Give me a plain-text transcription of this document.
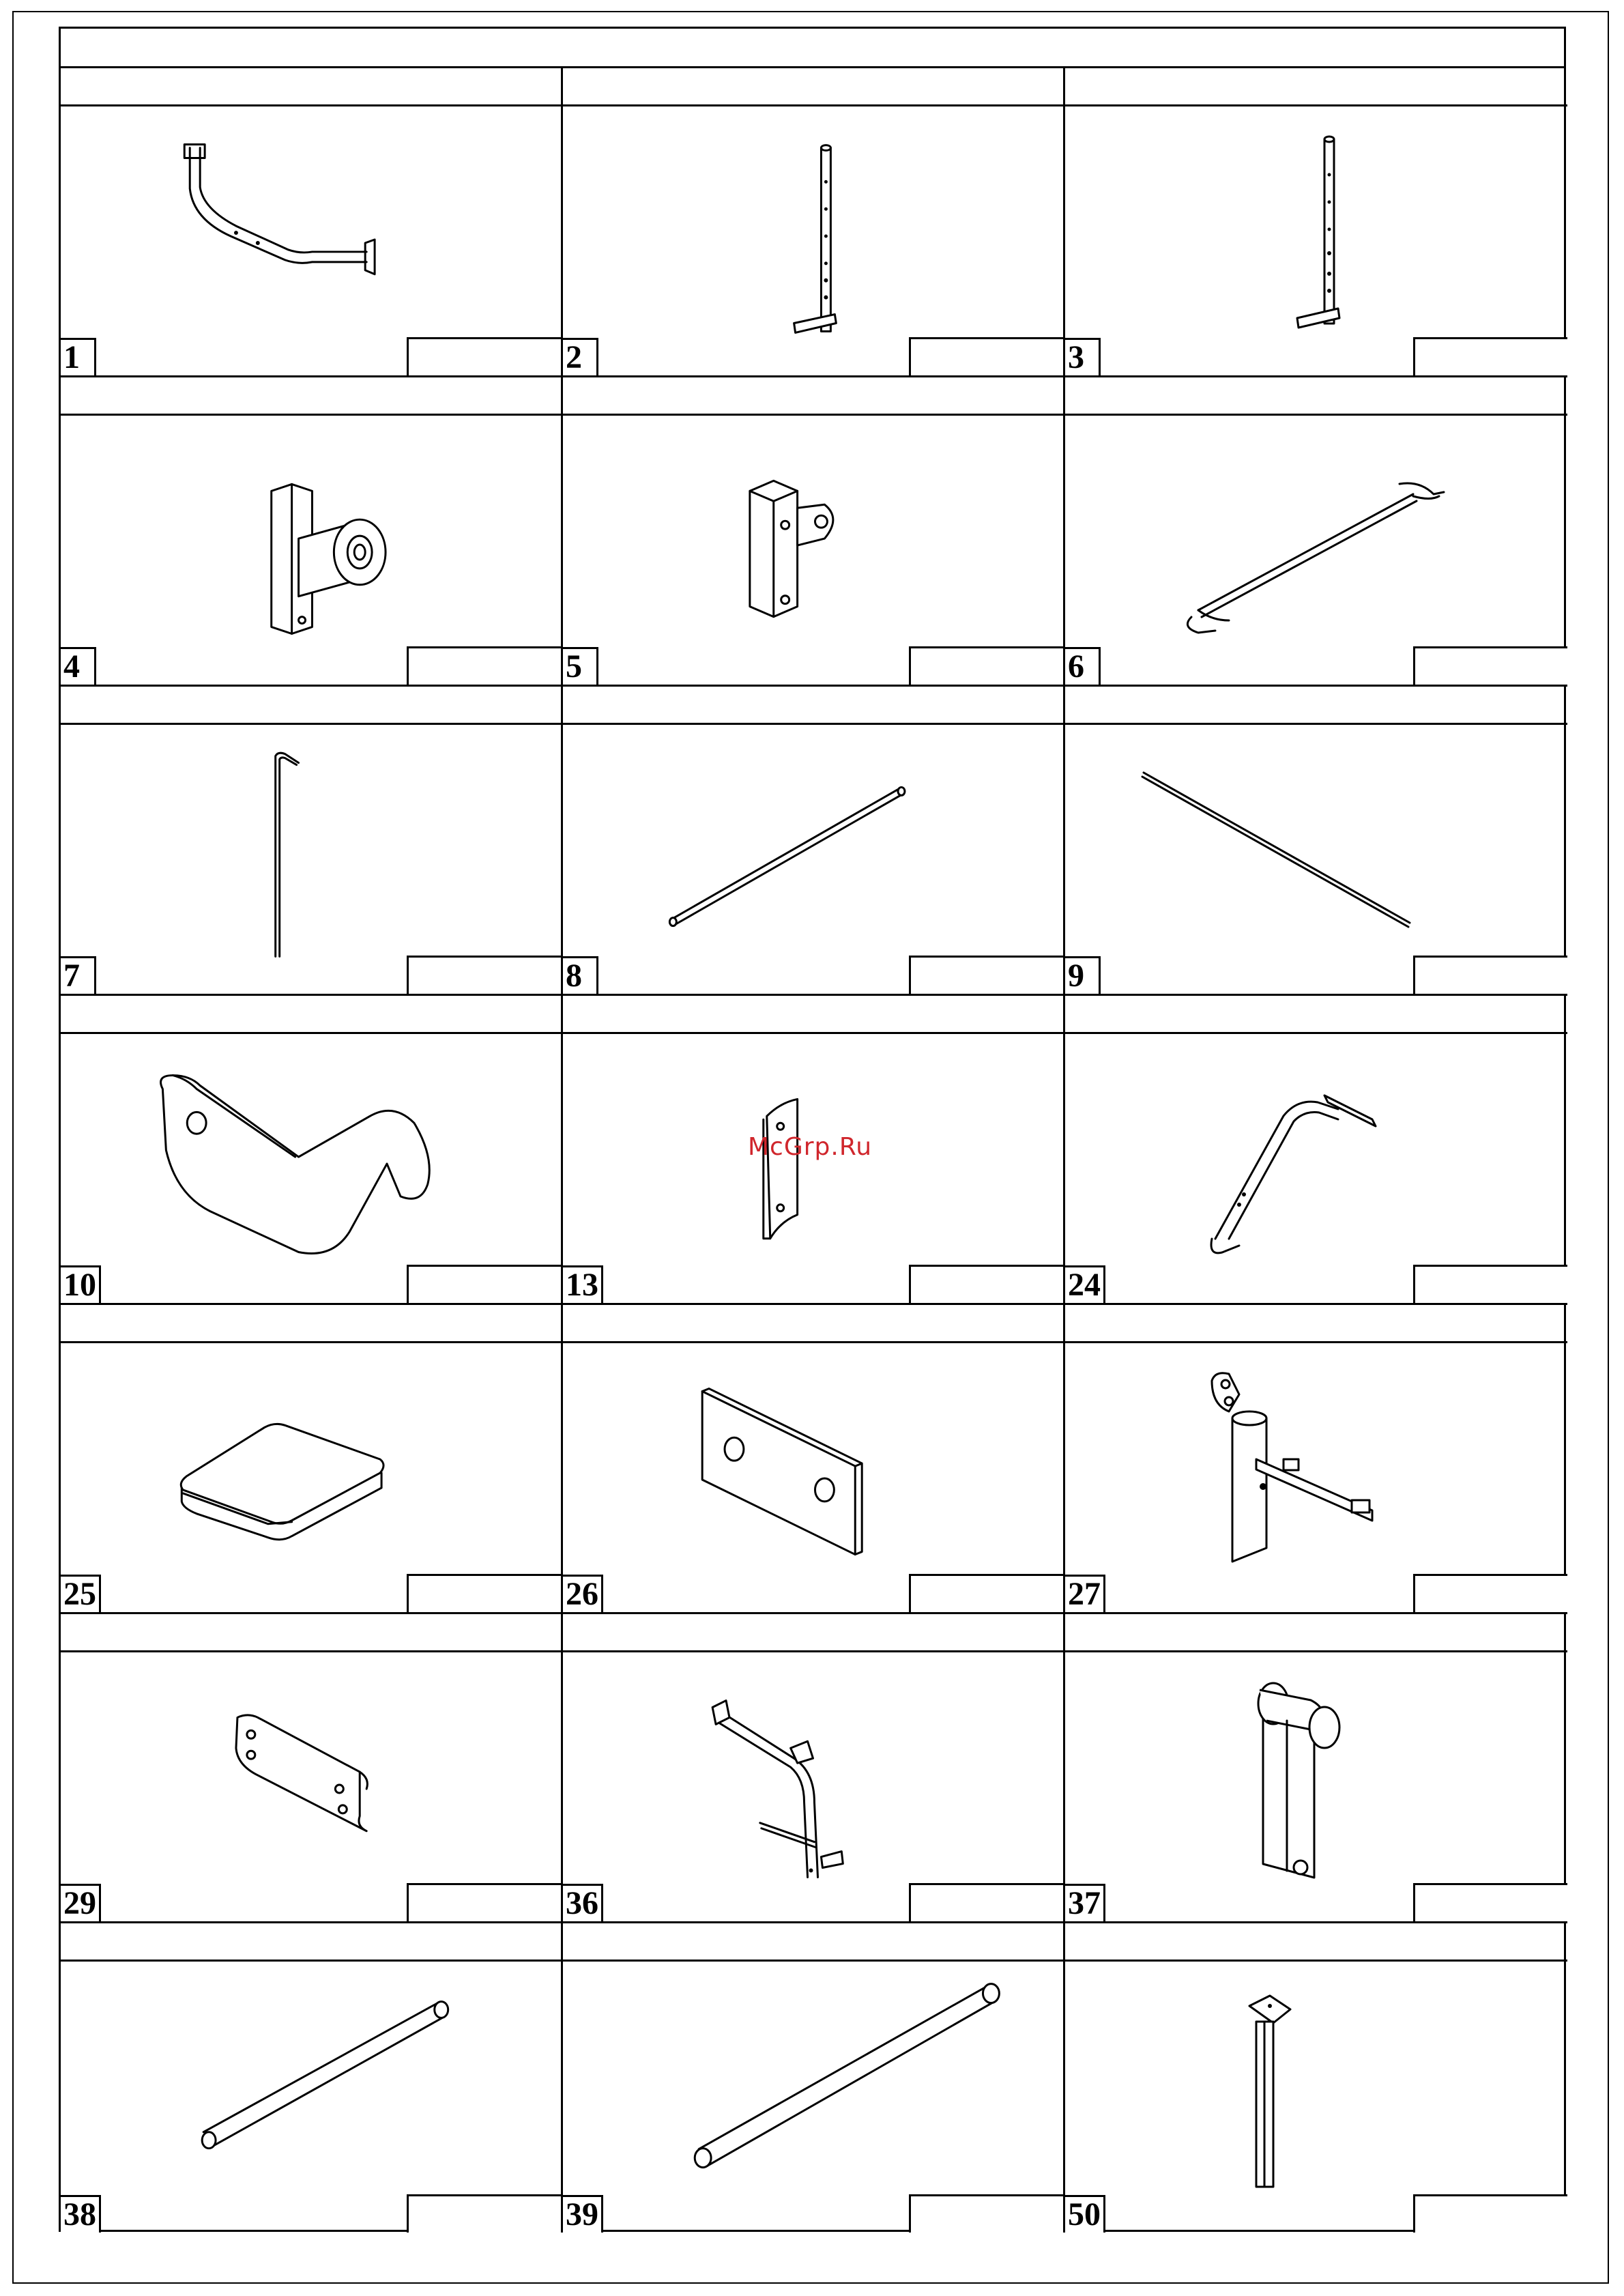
1	2	3
4	5	6
7	8	9
10	13	24
25	26	27
29	36	37
38	39	50
McGrp.Ru
